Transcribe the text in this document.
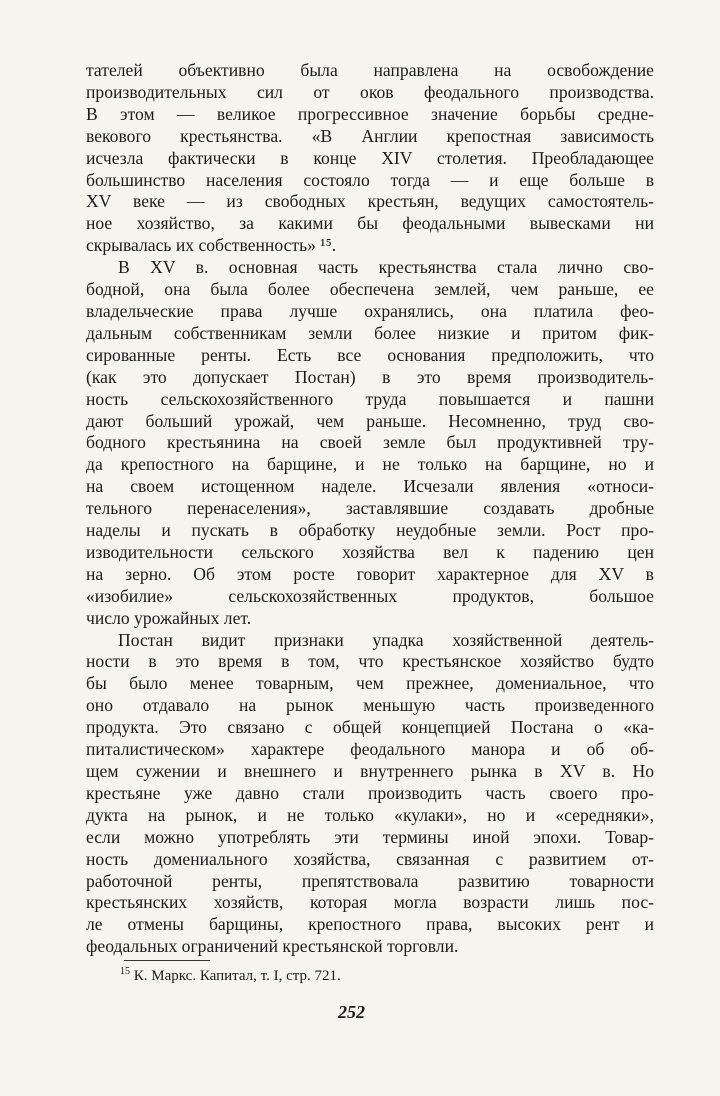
тателей объективно была направлена на освобождение
производительных сил от оков феодального производства.
В этом — великое прогрессивное значение борьбы средне-
векового крестьянства. «В Англии крепостная зависимость
исчезла фактически в конце XIV столетия. Преобладающее
большинство населения состояло тогда — и еще больше в
XV веке — из свободных крестьян, ведущих самостоятель-
ное хозяйство, за какими бы феодальными вывесками ни
скрывалась их собственность» ¹⁵.
В XV в. основная часть крестьянства стала лично сво-
бодной, она была более обеспечена землей, чем раньше, ее
владельческие права лучше охранялись, она платила фео-
дальным собственникам земли более низкие и притом фик-
сированные ренты. Есть все основания предположить, что
(как это допускает Постан) в это время производитель-
ность сельскохозяйственного труда повышается и пашни
дают больший урожай, чем раньше. Несомненно, труд сво-
бодного крестьянина на своей земле был продуктивней тру-
да крепостного на барщине, и не только на барщине, но и
на своем истощенном наделе. Исчезали явления «относи-
тельного перенаселения», заставлявшие создавать дробные
наделы и пускать в обработку неудобные земли. Рост про-
изводительности сельского хозяйства вел к падению цен
на зерно. Об этом росте говорит характерное для XV в
«изобилие» сельскохозяйственных продуктов, большое
число урожайных лет.
Постан видит признаки упадка хозяйственной деятель-
ности в это время в том, что крестьянское хозяйство будто
бы было менее товарным, чем прежнее, домениальное, что
оно отдавало на рынок меньшую часть произведенного
продукта. Это связано с общей концепцией Постана о «ка-
питалистическом» характере феодального манора и об об-
щем сужении и внешнего и внутреннего рынка в XV в. Но
крестьяне уже давно стали производить часть своего про-
дукта на рынок, и не только «кулаки», но и «середняки»,
если можно употреблять эти термины иной эпохи. Товар-
ность домениального хозяйства, связанная с развитием от-
работочной ренты, препятствовала развитию товарности
крестьянских хозяйств, которая могла возрасти лишь пос-
ле отмены барщины, крепостного права, высоких рент и
феодальных ограничений крестьянской торговли.
$^{15}$ К. Маркс. Капитал, т. I, стр. 721.
252
